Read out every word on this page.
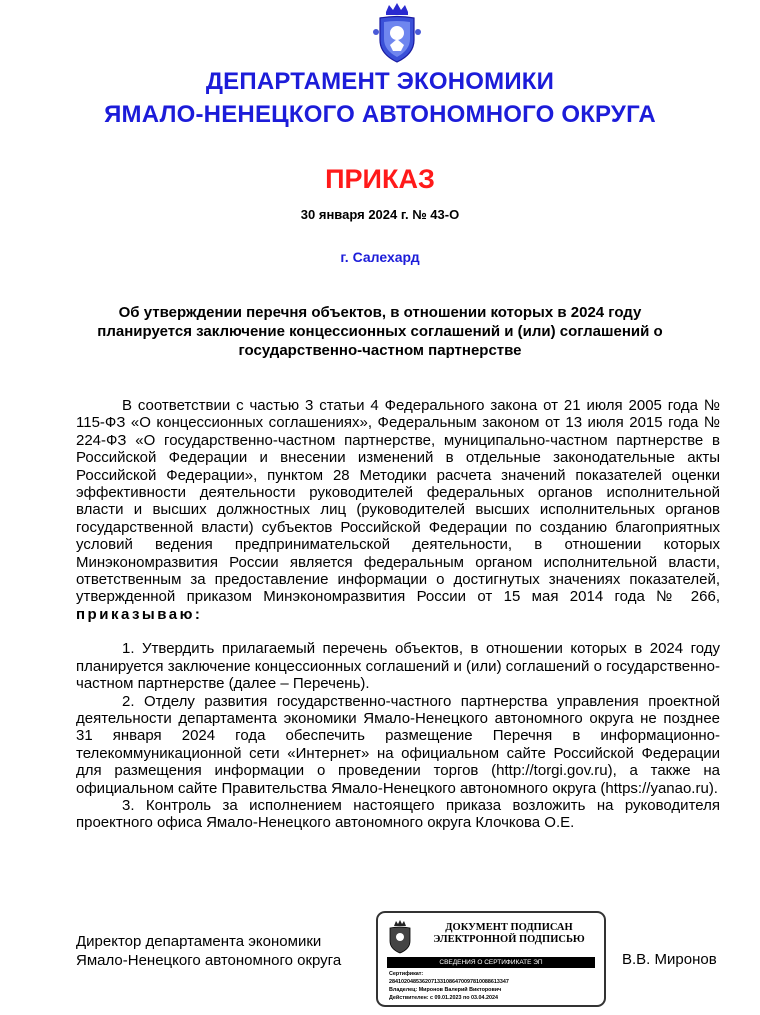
ДЕПАРТАМЕНТ ЭКОНОМИКИ
ЯМАЛО-НЕНЕЦКОГО АВТОНОМНОГО ОКРУГА
ПРИКАЗ
30 января 2024 г. № 43-О
г. Салехард
Об утверждении перечня объектов, в отношении которых в 2024 году планируется заключение концессионных соглашений и (или) соглашений о государственно-частном партнерстве

В соответствии с частью 3 статьи 4 Федерального закона от 21 июля 2005 года № 115-ФЗ «О концессионных соглашениях», Федеральным законом от 13 июля 2015 года № 224-ФЗ «О государственно-частном партнерстве, муниципально-частном партнерстве в Российской Федерации и внесении изменений в отдельные законодательные акты Российской Федерации», пунктом 28 Методики расчета значений показателей оценки эффективности деятельности руководителей федеральных органов исполнительной власти и высших должностных лиц (руководителей высших исполнительных органов государственной власти) субъектов Российской Федерации по созданию благоприятных условий ведения предпринимательской деятельности, в отношении которых Минэкономразвития России является федеральным органом исполнительной власти, ответственным за предоставление информации о достигнутых значениях показателей, утвержденной приказом Минэкономразвития России от 15 мая 2014 года № 266, приказываю:

1. Утвердить прилагаемый перечень объектов, в отношении которых в 2024 году планируется заключение концессионных соглашений и (или) соглашений о государственно-частном партнерстве (далее – Перечень).

2. Отделу развития государственно-частного партнерства управления проектной деятельности департамента экономики Ямало-Ненецкого автономного округа не позднее 31 января 2024 года обеспечить размещение Перечня в информационно-телекоммуникационной сети «Интернет» на официальном сайте Российской Федерации для размещения информации о проведении торгов (http://torgi.gov.ru), а также на официальном сайте Правительства Ямало-Ненецкого автономного округа (https://yanao.ru).

3. Контроль за исполнением настоящего приказа возложить на руководителя проектного офиса Ямало-Ненецкого автономного округа Клочкова О.Е.

Директор департамента экономики
Ямало-Ненецкого автономного округа
ДОКУМЕНТ ПОДПИСАН
ЭЛЕКТРОННОЙ ПОДПИСЬЮ
СВЕДЕНИЯ О СЕРТИФИКАТЕ ЭП
Сертификат:
2841020485362071331086470097810088613347
Владелец: Миронов Валерий Викторович
Действителен: с 09.01.2023 по 03.04.2024
В.В. Миронов
